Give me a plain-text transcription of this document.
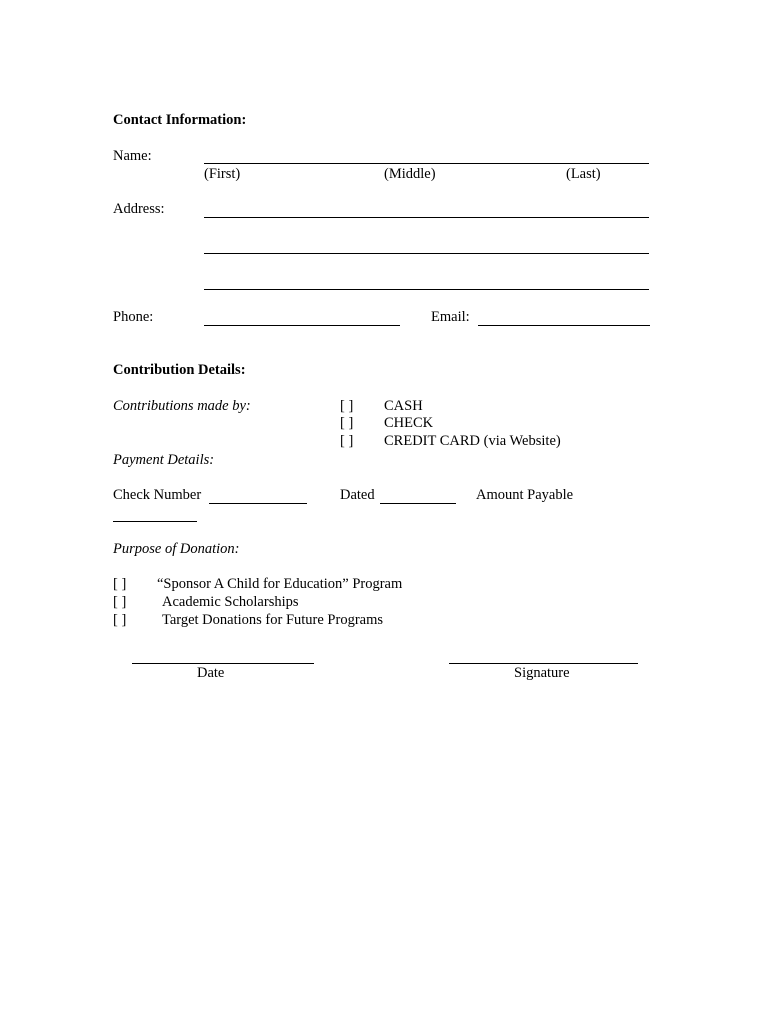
Contact Information:
Name:
(First)	(Middle)	(Last)
Address:
Phone:	Email:
Contribution Details:
Contributions made by:	[ ] CASH
[ ] CHECK
[ ] CREDIT CARD (via Website)
Payment Details:
Check Number	Dated	Amount Payable
Purpose of Donation:
[ ] “Sponsor A Child for Education” Program
[ ] Academic Scholarships
[ ] Target Donations for Future Programs
Date	Signature
